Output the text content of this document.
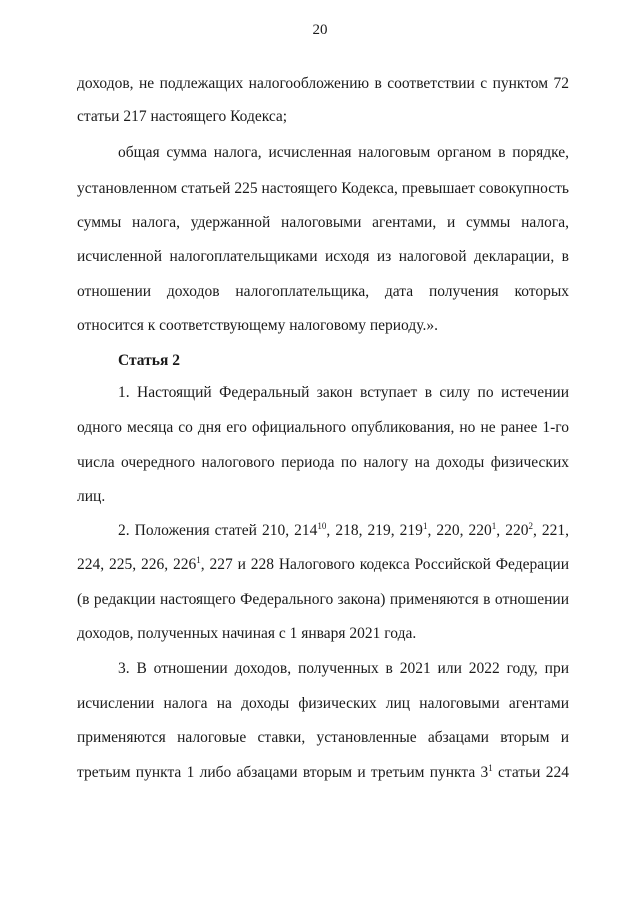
20
доходов, не подлежащих налогообложению в соответствии с пунктом 72
статьи 217 настоящего Кодекса;
общая сумма налога, исчисленная налоговым органом в порядке,
установленном статьей 225 настоящего Кодекса, превышает совокупность
суммы налога, удержанной налоговыми агентами, и суммы налога,
исчисленной налогоплательщиками исходя из налоговой декларации, в
отношении доходов налогоплательщика, дата получения которых
относится к соответствующему налоговому периоду.».
Статья 2
1. Настоящий Федеральный закон вступает в силу по истечении
одного месяца со дня его официального опубликования, но не ранее 1-го
числа очередного налогового периода по налогу на доходы физических
лиц.
2. Положения статей 210, $214^{10}$, 218, 219, $219^1$, 220, $220^1$, $220^2$, 221,
224, 225, 226, $226^1$, 227 и 228 Налогового кодекса Российской Федерации
(в редакции настоящего Федерального закона) применяются в отношении
доходов, полученных начиная с 1 января 2021 года.
3. В отношении доходов, полученных в 2021 или 2022 году, при
исчислении налога на доходы физических лиц налоговыми агентами
применяются налоговые ставки, установленные абзацами вторым и
третьим пункта 1 либо абзацами вторым и третьим пункта $3^1$ статьи 224
